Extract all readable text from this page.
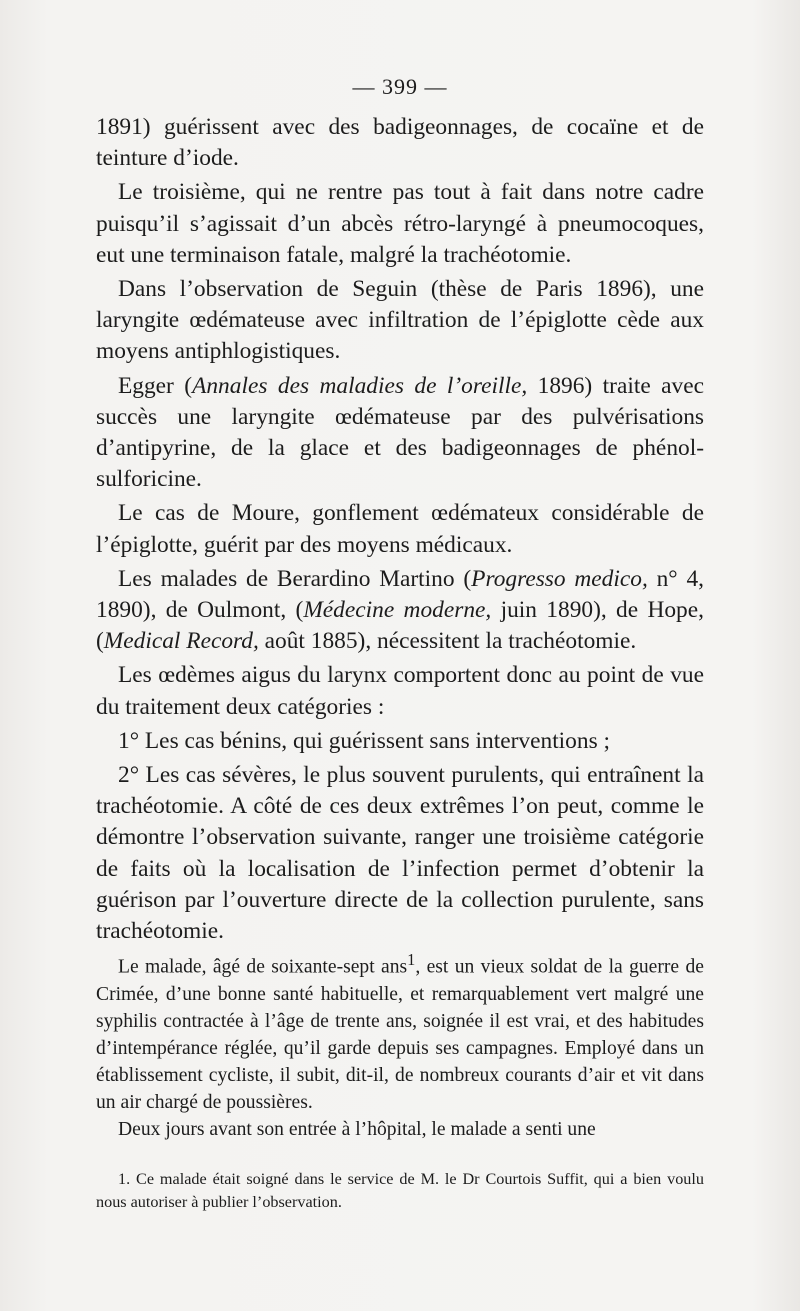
— 399 —

1891) guérissent avec des badigeonnages, de cocaïne et de teinture d’iode.

Le troisième, qui ne rentre pas tout à fait dans notre cadre puisqu’il s’agissait d’un abcès rétro-laryngé à pneumocoques, eut une terminaison fatale, malgré la trachéotomie.

Dans l’observation de Seguin (thèse de Paris 1896), une laryngite œdémateuse avec infiltration de l’épiglotte cède aux moyens antiphlogistiques.

Egger (Annales des maladies de l’oreille, 1896) traite avec succès une laryngite œdémateuse par des pulvérisations d’antipyrine, de la glace et des badigeonnages de phénol-sulforicine.

Le cas de Moure, gonflement œdémateux considérable de l’épiglotte, guérit par des moyens médicaux.

Les malades de Berardino Martino (Progresso medico, n° 4, 1890), de Oulmont, (Médecine moderne, juin 1890), de Hope, (Medical Record, août 1885), nécessitent la trachéotomie.

Les œdèmes aigus du larynx comportent donc au point de vue du traitement deux catégories :

1° Les cas bénins, qui guérissent sans interventions ;

2° Les cas sévères, le plus souvent purulents, qui entraînent la trachéotomie. A côté de ces deux extrêmes l’on peut, comme le démontre l’observation suivante, ranger une troisième catégorie de faits où la localisation de l’infection permet d’obtenir la guérison par l’ouverture directe de la collection purulente, sans trachéotomie.

Le malade, âgé de soixante-sept ans$^1$, est un vieux soldat de la guerre de Crimée, d’une bonne santé habituelle, et remarquablement vert malgré une syphilis contractée à l’âge de trente ans, soignée il est vrai, et des habitudes d’intempérance réglée, qu’il garde depuis ses campagnes. Employé dans un établissement cycliste, il subit, dit-il, de nombreux courants d’air et vit dans un air chargé de poussières.

Deux jours avant son entrée à l’hôpital, le malade a senti une

1. Ce malade était soigné dans le service de M. le Dr Courtois Suffit, qui a bien voulu nous autoriser à publier l’observation.
